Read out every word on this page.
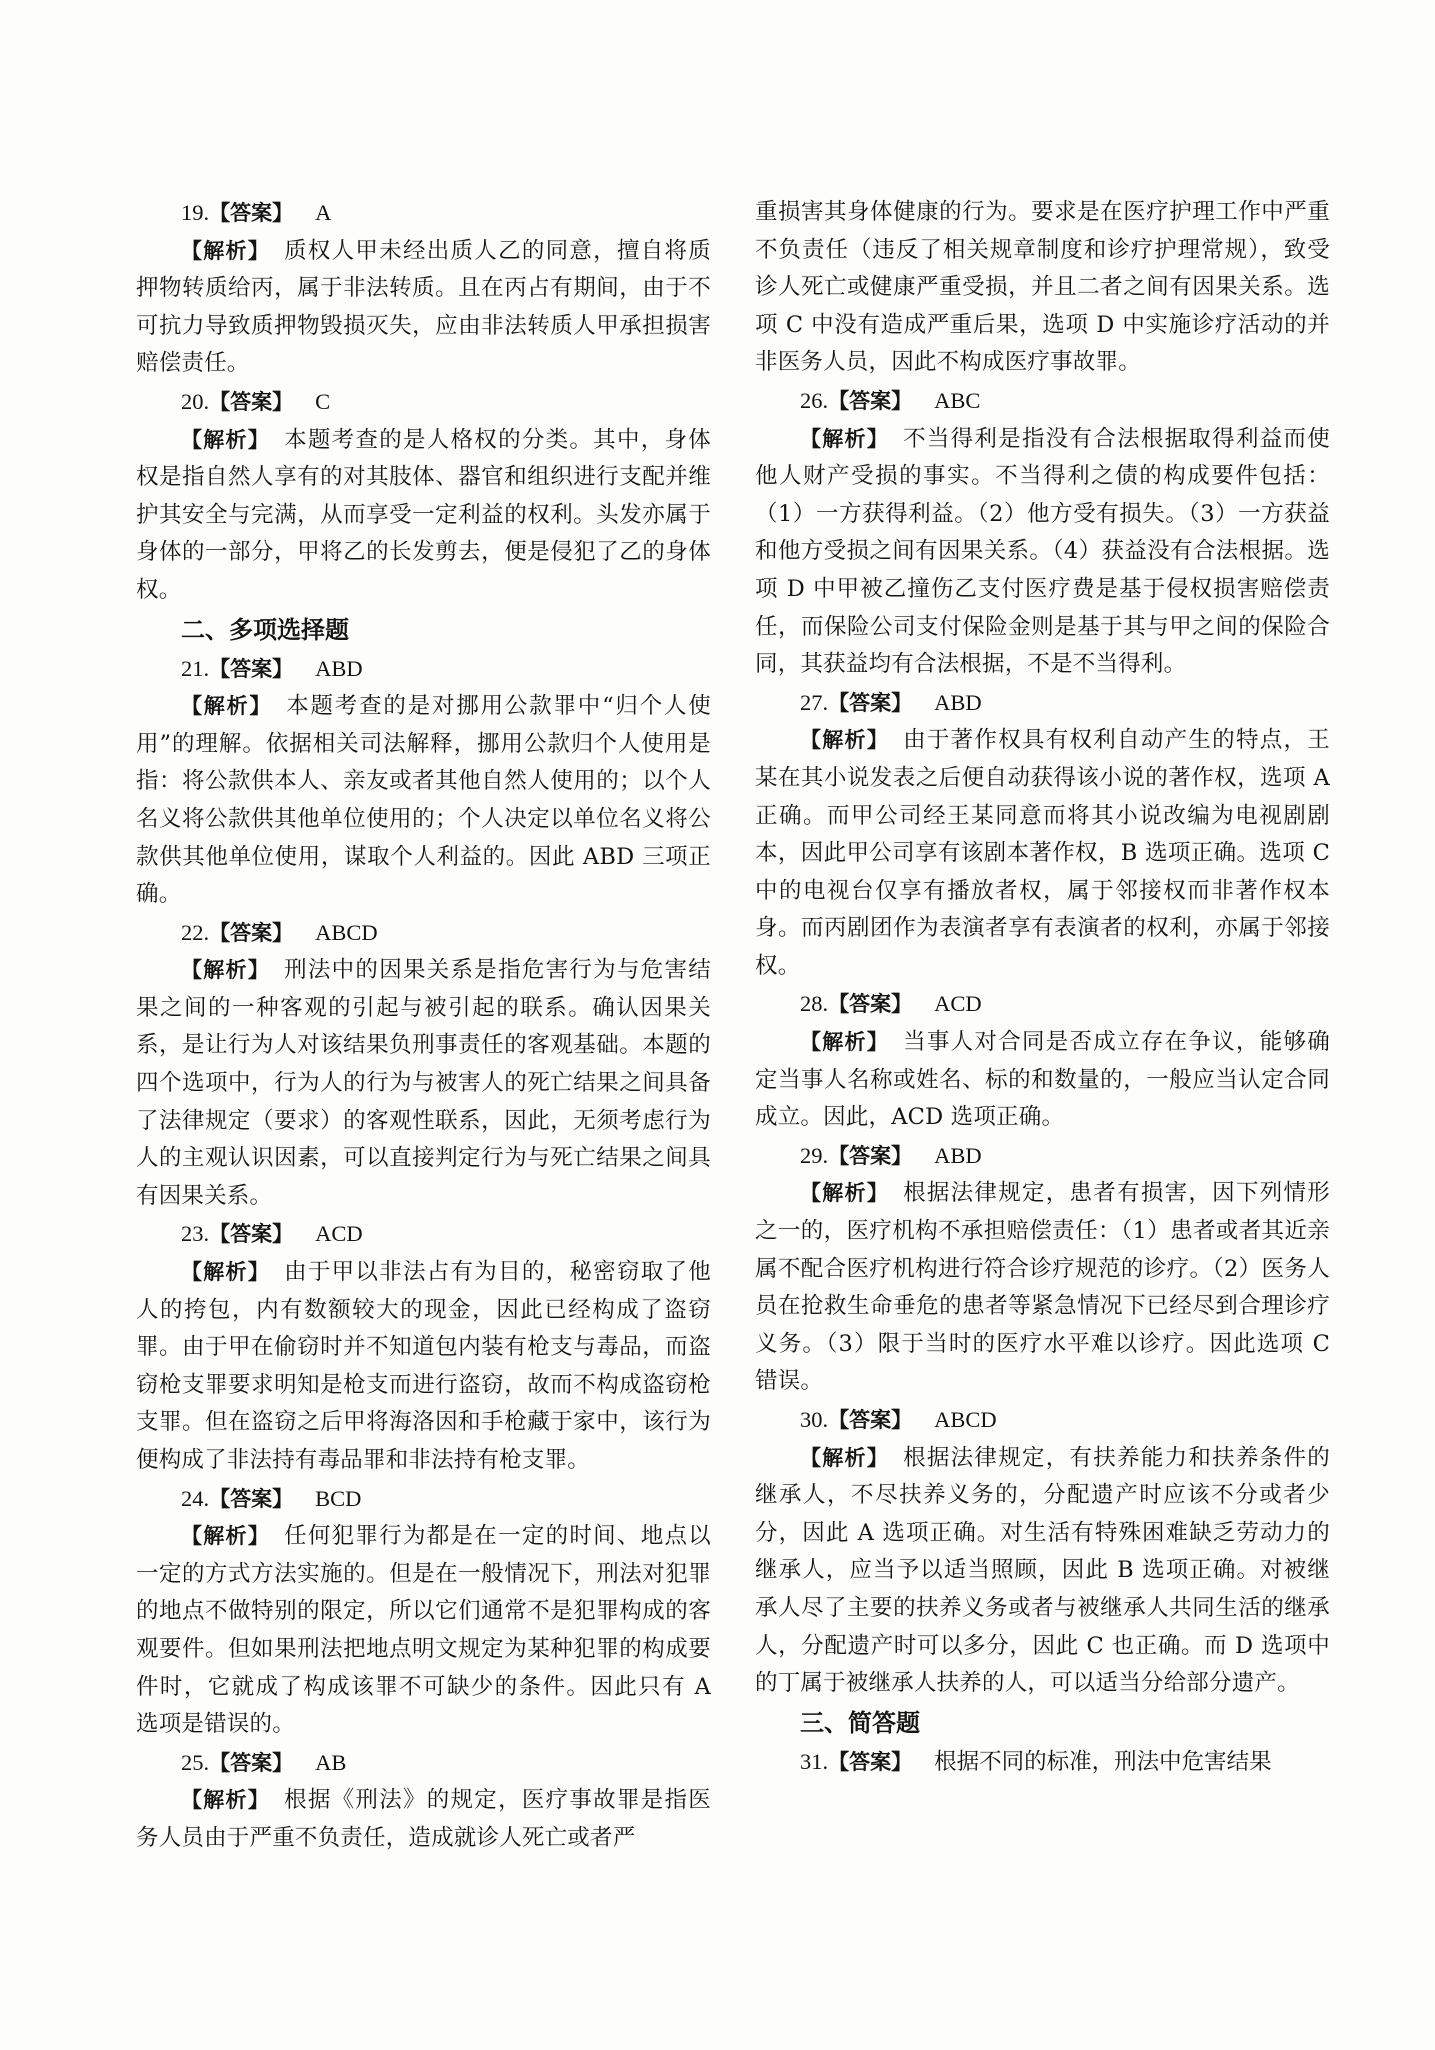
19.【答案】 A

【解析】 质权人甲未经出质人乙的同意，擅自将质押物转质给丙，属于非法转质。且在丙占有期间，由于不可抗力导致质押物毁损灭失，应由非法转质人甲承担损害赔偿责任。

20.【答案】 C

【解析】 本题考查的是人格权的分类。其中，身体权是指自然人享有的对其肢体、器官和组织进行支配并维护其安全与完满，从而享受一定利益的权利。头发亦属于身体的一部分，甲将乙的长发剪去，便是侵犯了乙的身体权。

二、多项选择题
21.【答案】 ABD

【解析】 本题考查的是对挪用公款罪中“归个人使用”的理解。依据相关司法解释，挪用公款归个人使用是指：将公款供本人、亲友或者其他自然人使用的；以个人名义将公款供其他单位使用的；个人决定以单位名义将公款供其他单位使用，谋取个人利益的。因此 ABD 三项正确。

22.【答案】 ABCD

【解析】 刑法中的因果关系是指危害行为与危害结果之间的一种客观的引起与被引起的联系。确认因果关系，是让行为人对该结果负刑事责任的客观基础。本题的四个选项中，行为人的行为与被害人的死亡结果之间具备了法律规定（要求）的客观性联系，因此，无须考虑行为人的主观认识因素，可以直接判定行为与死亡结果之间具有因果关系。

23.【答案】 ACD

【解析】 由于甲以非法占有为目的，秘密窃取了他人的挎包，内有数额较大的现金，因此已经构成了盗窃罪。由于甲在偷窃时并不知道包内装有枪支与毒品，而盗窃枪支罪要求明知是枪支而进行盗窃，故而不构成盗窃枪支罪。但在盗窃之后甲将海洛因和手枪藏于家中，该行为便构成了非法持有毒品罪和非法持有枪支罪。

24.【答案】 BCD

【解析】 任何犯罪行为都是在一定的时间、地点以一定的方式方法实施的。但是在一般情况下，刑法对犯罪的地点不做特别的限定，所以它们通常不是犯罪构成的客观要件。但如果刑法把地点明文规定为某种犯罪的构成要件时，它就成了构成该罪不可缺少的条件。因此只有 A 选项是错误的。

25.【答案】 AB

【解析】 根据《刑法》的规定，医疗事故罪是指医务人员由于严重不负责任，造成就诊人死亡或者严

重损害其身体健康的行为。要求是在医疗护理工作中严重不负责任（违反了相关规章制度和诊疗护理常规），致受诊人死亡或健康严重受损，并且二者之间有因果关系。选项 C 中没有造成严重后果，选项 D 中实施诊疗活动的并非医务人员，因此不构成医疗事故罪。

26.【答案】 ABC

【解析】 不当得利是指没有合法根据取得利益而使他人财产受损的事实。不当得利之债的构成要件包括：（1）一方获得利益。（2）他方受有损失。（3）一方获益和他方受损之间有因果关系。（4）获益没有合法根据。选项 D 中甲被乙撞伤乙支付医疗费是基于侵权损害赔偿责任，而保险公司支付保险金则是基于其与甲之间的保险合同，其获益均有合法根据，不是不当得利。

27.【答案】 ABD

【解析】 由于著作权具有权利自动产生的特点，王某在其小说发表之后便自动获得该小说的著作权，选项 A 正确。而甲公司经王某同意而将其小说改编为电视剧剧本，因此甲公司享有该剧本著作权，B 选项正确。选项 C 中的电视台仅享有播放者权，属于邻接权而非著作权本身。而丙剧团作为表演者享有表演者的权利，亦属于邻接权。

28.【答案】 ACD

【解析】 当事人对合同是否成立存在争议，能够确定当事人名称或姓名、标的和数量的，一般应当认定合同成立。因此，ACD 选项正确。

29.【答案】 ABD

【解析】 根据法律规定，患者有损害，因下列情形之一的，医疗机构不承担赔偿责任：（1）患者或者其近亲属不配合医疗机构进行符合诊疗规范的诊疗。（2）医务人员在抢救生命垂危的患者等紧急情况下已经尽到合理诊疗义务。（3）限于当时的医疗水平难以诊疗。因此选项 C 错误。

30.【答案】 ABCD

【解析】 根据法律规定，有扶养能力和扶养条件的继承人，不尽扶养义务的，分配遗产时应该不分或者少分，因此 A 选项正确。对生活有特殊困难缺乏劳动力的继承人，应当予以适当照顾，因此 B 选项正确。对被继承人尽了主要的扶养义务或者与被继承人共同生活的继承人，分配遗产时可以多分，因此 C 也正确。而 D 选项中的丁属于被继承人扶养的人，可以适当分给部分遗产。

三、简答题
31.【答案】 根据不同的标准，刑法中危害结果
